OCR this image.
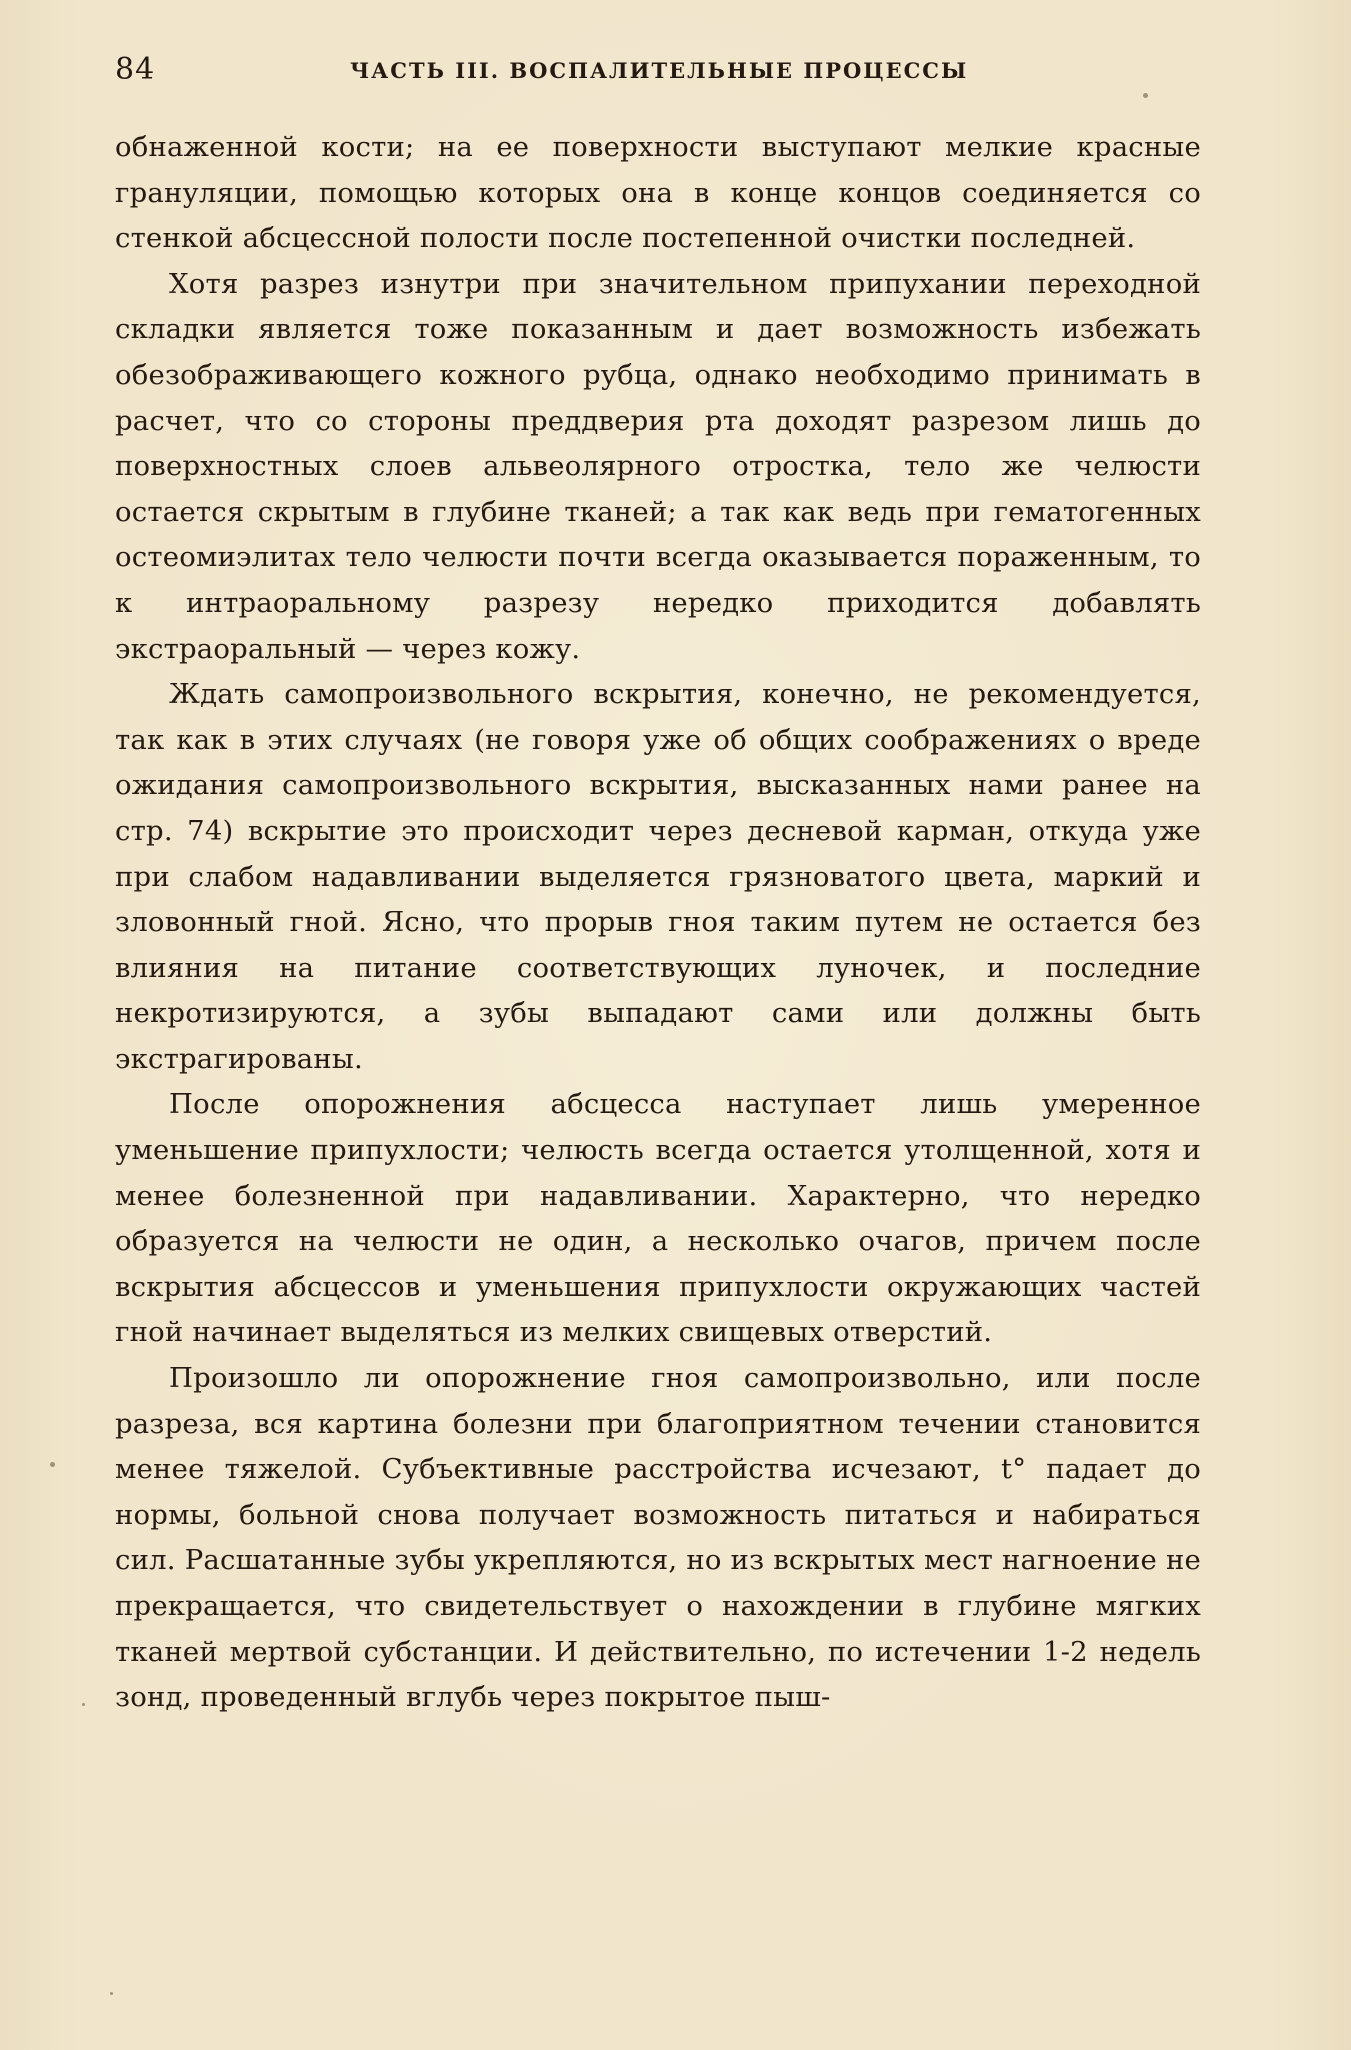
84	ЧАСТЬ III. ВОСПАЛИТЕЛЬНЫЕ ПРОЦЕССЫ

обнаженной кости; на ее поверхности выступают мелкие красные грануляции, помощью которых она в конце концов соединяется со стенкой абсцессной полости после постепенной очистки последней.

Хотя разрез изнутри при значительном припухании переходной складки является тоже показанным и дает возможность избежать обезображивающего кожного рубца, однако необходимо принимать в расчет, что со стороны преддверия рта доходят разрезом лишь до поверхностных слоев альвеолярного отростка, тело же челюсти остается скрытым в глубине тканей; а так как ведь при гематогенных остеомиэлитах тело челюсти почти всегда оказывается пораженным, то к интраоральному разрезу нередко приходится добавлять экстраоральный — через кожу.

Ждать самопроизвольного вскрытия, конечно, не рекомендуется, так как в этих случаях (не говоря уже об общих соображениях о вреде ожидания самопроизвольного вскрытия, высказанных нами ранее на стр. 74) вскрытие это происходит через десневой карман, откуда уже при слабом надавливании выделяется грязноватого цвета, маркий и зловонный гной. Ясно, что прорыв гноя таким путем не остается без влияния на питание соответствующих луночек, и последние некротизируются, а зубы выпадают сами или должны быть экстрагированы.

После опорожнения абсцесса наступает лишь умеренное уменьшение припухлости; челюсть всегда остается утолщенной, хотя и менее болезненной при надавливании. Характерно, что нередко образуется на челюсти не один, а несколько очагов, причем после вскрытия абсцессов и уменьшения припухлости окружающих частей гной начинает выделяться из мелких свищевых отверстий.

Произошло ли опорожнение гноя самопроизвольно, или после разреза, вся картина болезни при благоприятном течении становится менее тяжелой. Субъективные расстройства исчезают, t° падает до нормы, больной снова получает возможность питаться и набираться сил. Расшатанные зубы укрепляются, но из вскрытых мест нагноение не прекращается, что свидетельствует о нахождении в глубине мягких тканей мертвой субстанции. И действительно, по истечении 1-2 недель зонд, проведенный вглубь через покрытое пыш-
